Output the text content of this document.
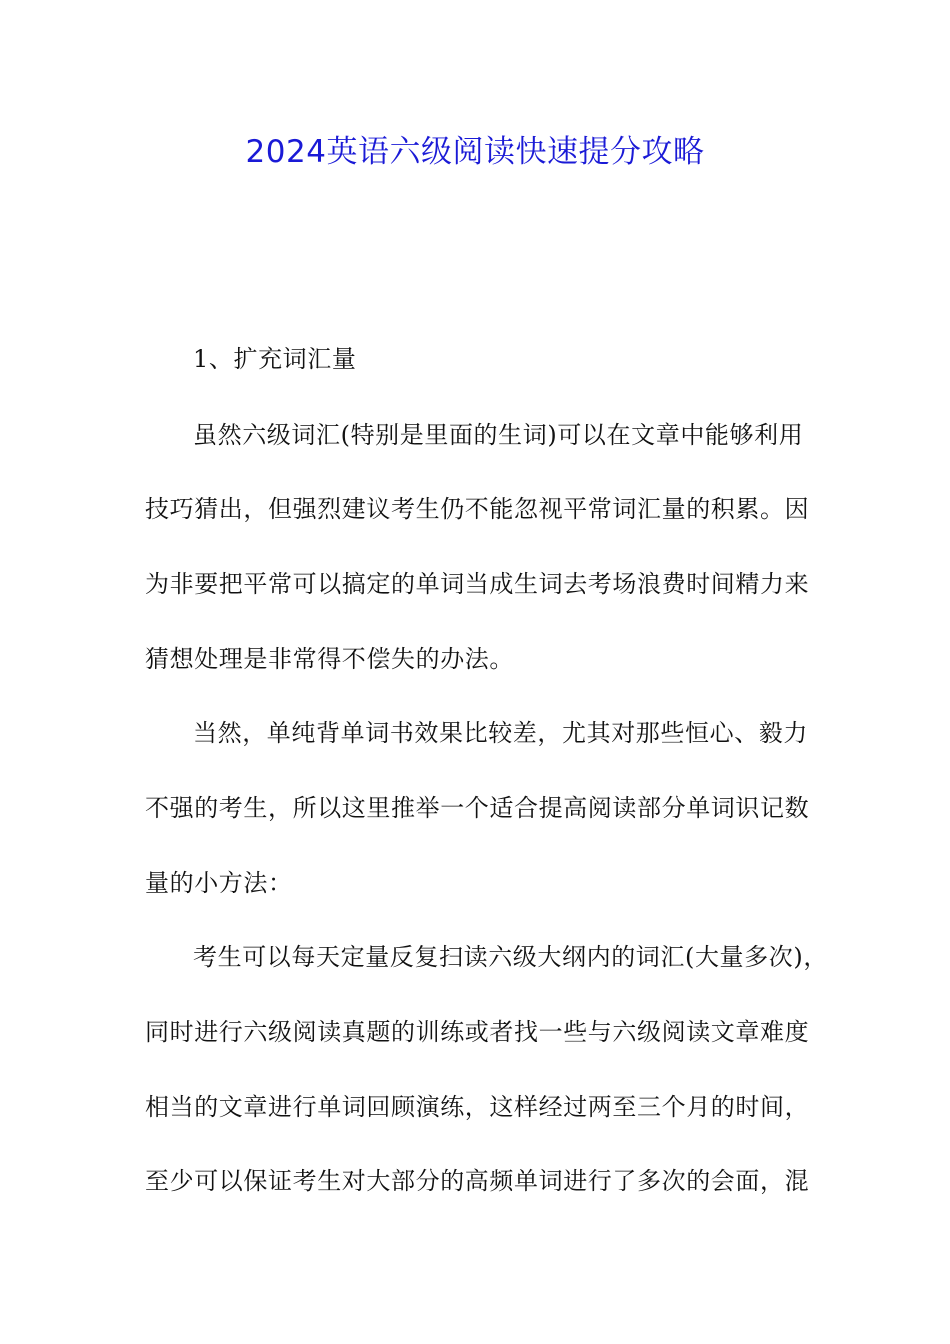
2024英语六级阅读快速提分攻略

1、扩充词汇量

虽然六级词汇(特别是里面的生词)可以在文章中能够利用

技巧猜出，但强烈建议考生仍不能忽视平常词汇量的积累。因

为非要把平常可以搞定的单词当成生词去考场浪费时间精力来

猜想处理是非常得不偿失的办法。

当然，单纯背单词书效果比较差，尤其对那些恒心、毅力

不强的考生，所以这里推举一个适合提高阅读部分单词识记数

量的小方法：

考生可以每天定量反复扫读六级大纲内的词汇(大量多次)，

同时进行六级阅读真题的训练或者找一些与六级阅读文章难度

相当的文章进行单词回顾演练，这样经过两至三个月的时间，

至少可以保证考生对大部分的高频单词进行了多次的会面，混
